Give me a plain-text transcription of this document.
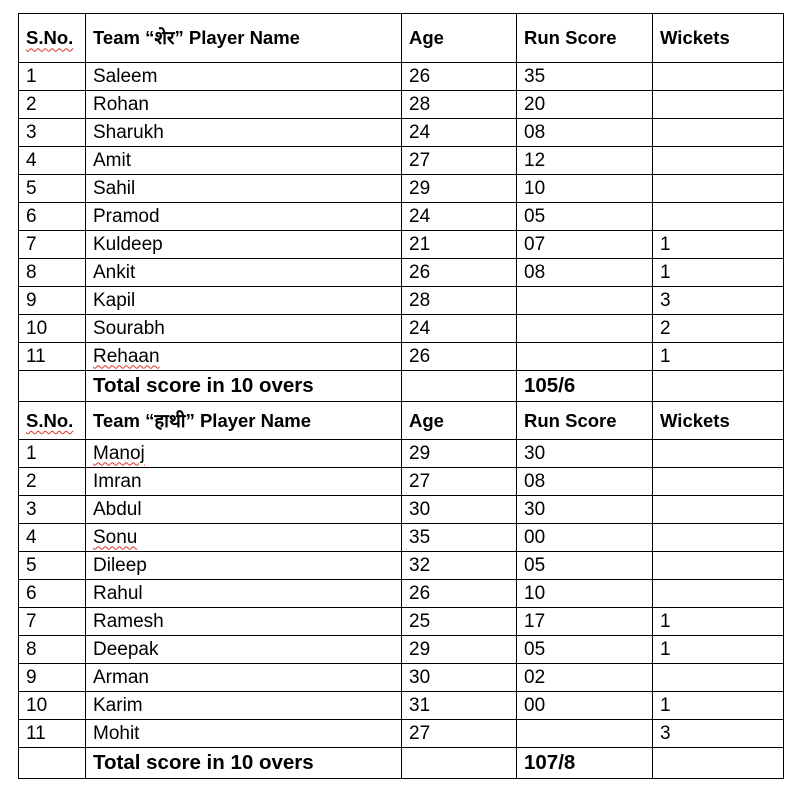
S.No.	Team “शेर” Player Name	Age	Run Score	Wickets
1	Saleem	26	35	
2	Rohan	28	20	
3	Sharukh	24	08	
4	Amit	27	12	
5	Sahil	29	10	
6	Pramod	24	05	
7	Kuldeep	21	07	1
8	Ankit	26	08	1
9	Kapil	28		3
10	Sourabh	24		2
11	Rehaan	26		1
	Total score in 10 overs		105/6	
S.No.	Team “हाथी” Player Name	Age	Run Score	Wickets
1	Manoj	29	30	
2	Imran	27	08	
3	Abdul	30	30	
4	Sonu	35	00	
5	Dileep	32	05	
6	Rahul	26	10	
7	Ramesh	25	17	1
8	Deepak	29	05	1
9	Arman	30	02	
10	Karim	31	00	1
11	Mohit	27		3
	Total score in 10 overs		107/8	
